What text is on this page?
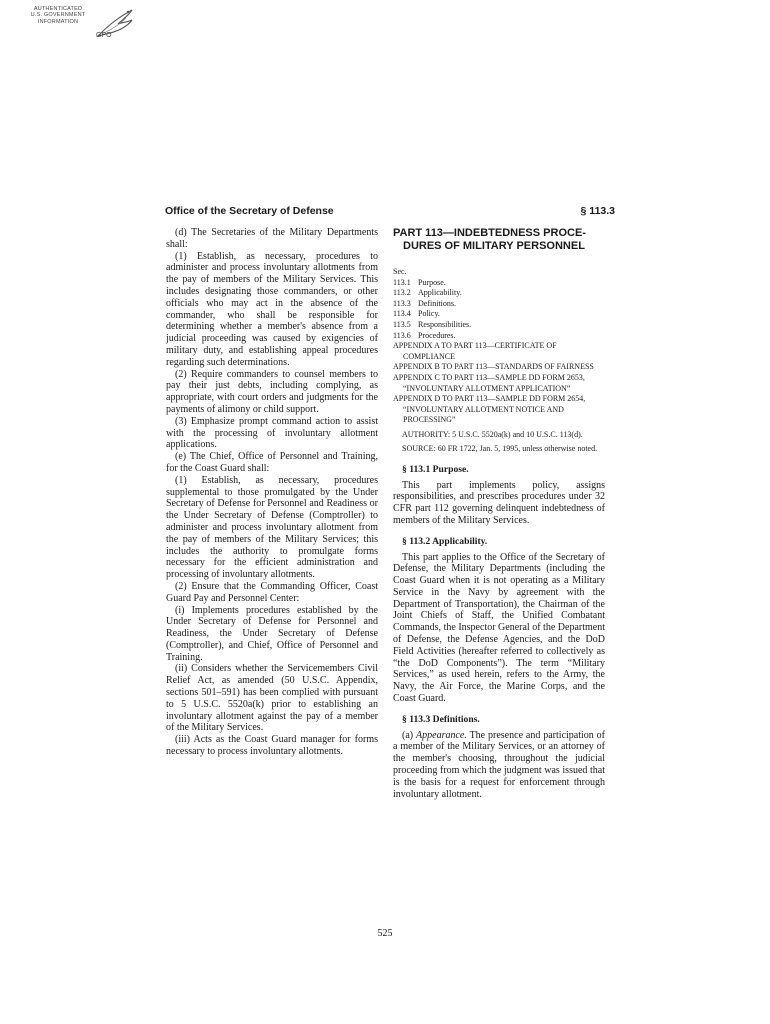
AUTHENTICATED
U.S. GOVERNMENT
INFORMATION
GPO
Office of the Secretary of Defense	§ 113.3

(d) The Secretaries of the Military Departments shall:

(1) Establish, as necessary, procedures to administer and process involuntary allotments from the pay of members of the Military Services. This includes designating those commanders, or other officials who may act in the absence of the commander, who shall be responsible for determining whether a member's absence from a judicial proceeding was caused by exigencies of military duty, and establishing appeal procedures regarding such determinations.

(2) Require commanders to counsel members to pay their just debts, including complying, as appropriate, with court orders and judgments for the payments of alimony or child support.

(3) Emphasize prompt command action to assist with the processing of involuntary allotment applications.

(e) The Chief, Office of Personnel and Training, for the Coast Guard shall:

(1) Establish, as necessary, procedures supplemental to those promulgated by the Under Secretary of Defense for Personnel and Readiness or the Under Secretary of Defense (Comptroller) to administer and process involuntary allotment from the pay of members of the Military Services; this includes the authority to promulgate forms necessary for the efficient administration and processing of involuntary allotments.

(2) Ensure that the Commanding Officer, Coast Guard Pay and Personnel Center:

(i) Implements procedures established by the Under Secretary of Defense for Personnel and Readiness, the Under Secretary of Defense (Comptroller), and Chief, Office of Personnel and Training.

(ii) Considers whether the Servicemembers Civil Relief Act, as amended (50 U.S.C. Appendix, sections 501–591) has been complied with pursuant to 5 U.S.C. 5520a(k) prior to establishing an involuntary allotment against the pay of a member of the Military Services.

(iii) Acts as the Coast Guard manager for forms necessary to process involuntary allotments.

PART 113—INDEBTEDNESS PROCE-
DURES OF MILITARY PERSONNEL
Sec.
113.1 Purpose.
113.2 Applicability.
113.3 Definitions.
113.4 Policy.
113.5 Responsibilities.
113.6 Procedures.
APPENDIX A TO PART 113—CERTIFICATE OF COMPLIANCE
APPENDIX B TO PART 113—STANDARDS OF FAIRNESS
APPENDIX C TO PART 113—SAMPLE DD FORM 2653, “INVOLUNTARY ALLOTMENT APPLICATION”
APPENDIX D TO PART 113—SAMPLE DD FORM 2654, “INVOLUNTARY ALLOTMENT NOTICE AND PROCESSING”

AUTHORITY: 5 U.S.C. 5520a(k) and 10 U.S.C. 113(d).

SOURCE: 60 FR 1722, Jan. 5, 1995, unless otherwise noted.

§ 113.1 Purpose.

This part implements policy, assigns responsibilities, and prescribes procedures under 32 CFR part 112 governing delinquent indebtedness of members of the Military Services.

§ 113.2 Applicability.

This part applies to the Office of the Secretary of Defense, the Military Departments (including the Coast Guard when it is not operating as a Military Service in the Navy by agreement with the Department of Transportation), the Chairman of the Joint Chiefs of Staff, the Unified Combatant Commands, the Inspector General of the Department of Defense, the Defense Agencies, and the DoD Field Activities (hereafter referred to collectively as “the DoD Components”). The term “Military Services,” as used herein, refers to the Army, the Navy, the Air Force, the Marine Corps, and the Coast Guard.

§ 113.3 Definitions.

(a) Appearance. The presence and participation of a member of the Military Services, or an attorney of the member's choosing, throughout the judicial proceeding from which the judgment was issued that is the basis for a request for enforcement through involuntary allotment.

525
